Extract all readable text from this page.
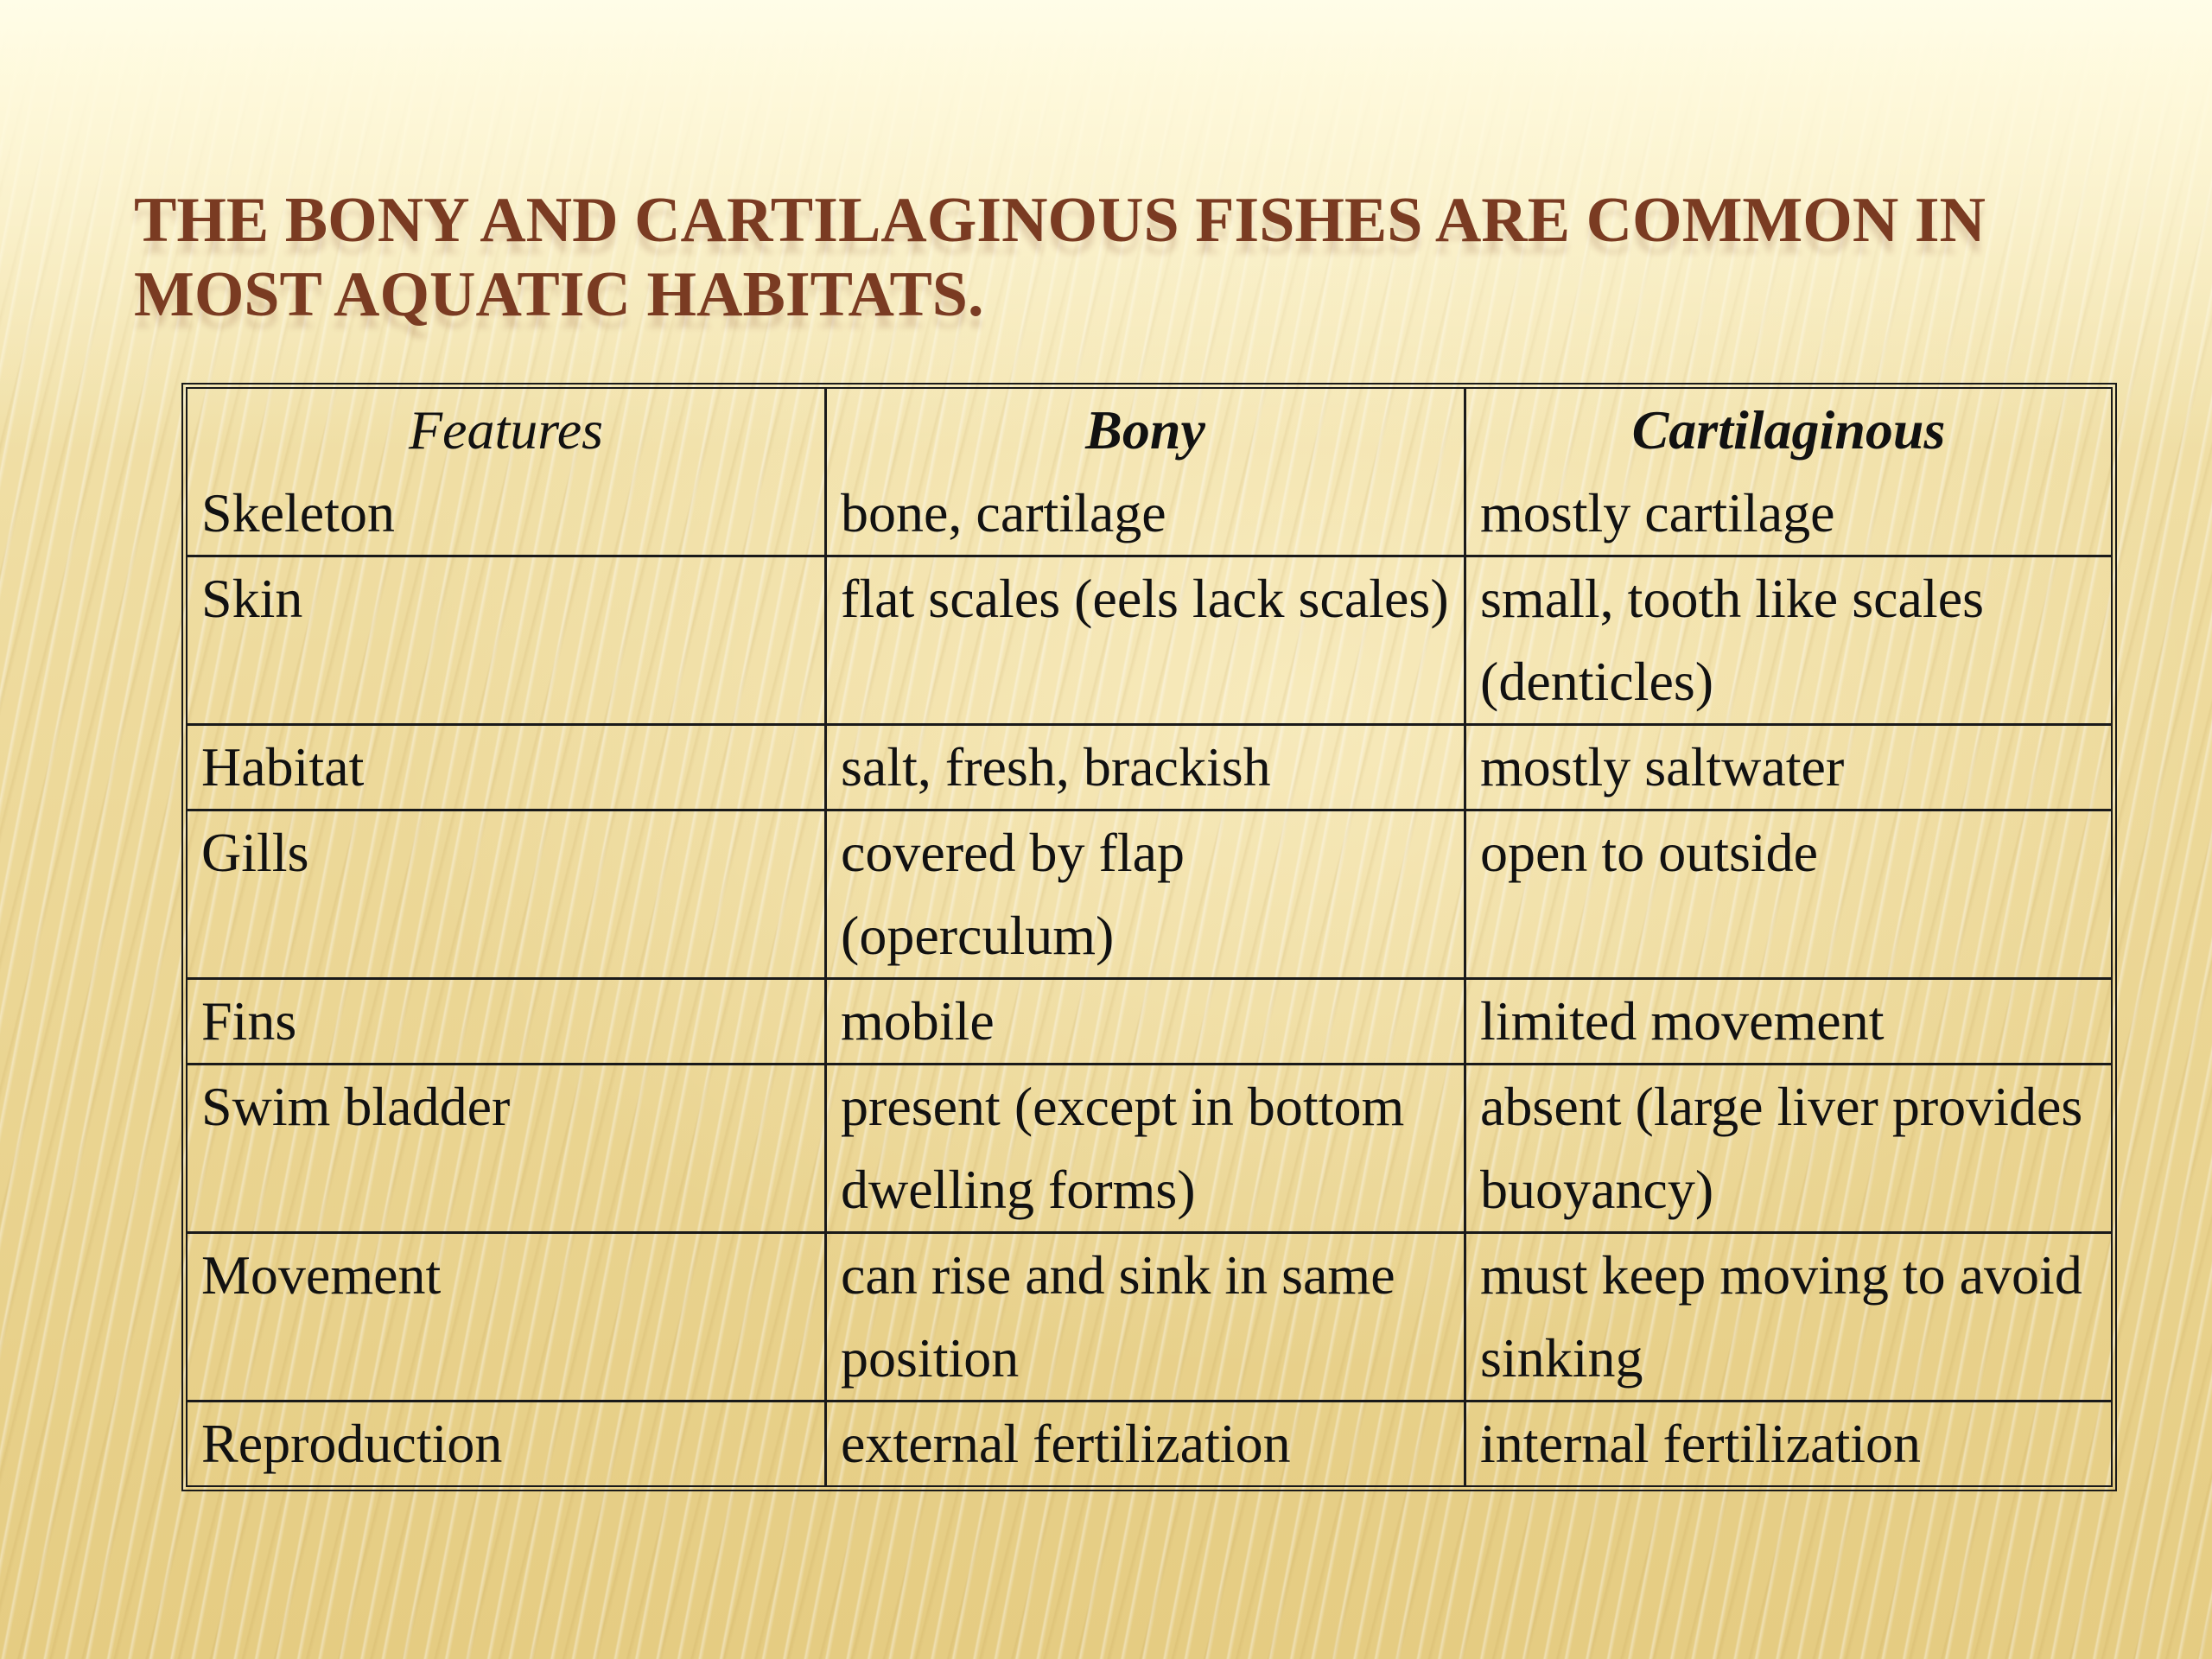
THE BONY AND CARTILAGINOUS FISHES ARE COMMON IN MOST AQUATIC HABITATS.
Features	Bony	Cartilaginous
Skeleton	bone, cartilage	mostly cartilage
Skin	flat scales (eels lack scales)	small, tooth like scales (denticles)
Habitat	salt, fresh, brackish	mostly saltwater
Gills	covered by flap (operculum)	open to outside
Fins	mobile	limited movement
Swim bladder	present (except in bottom dwelling forms)	absent (large liver provides buoyancy)
Movement	can rise and sink in same position	must keep moving to avoid sinking
Reproduction	external fertilization	internal fertilization
